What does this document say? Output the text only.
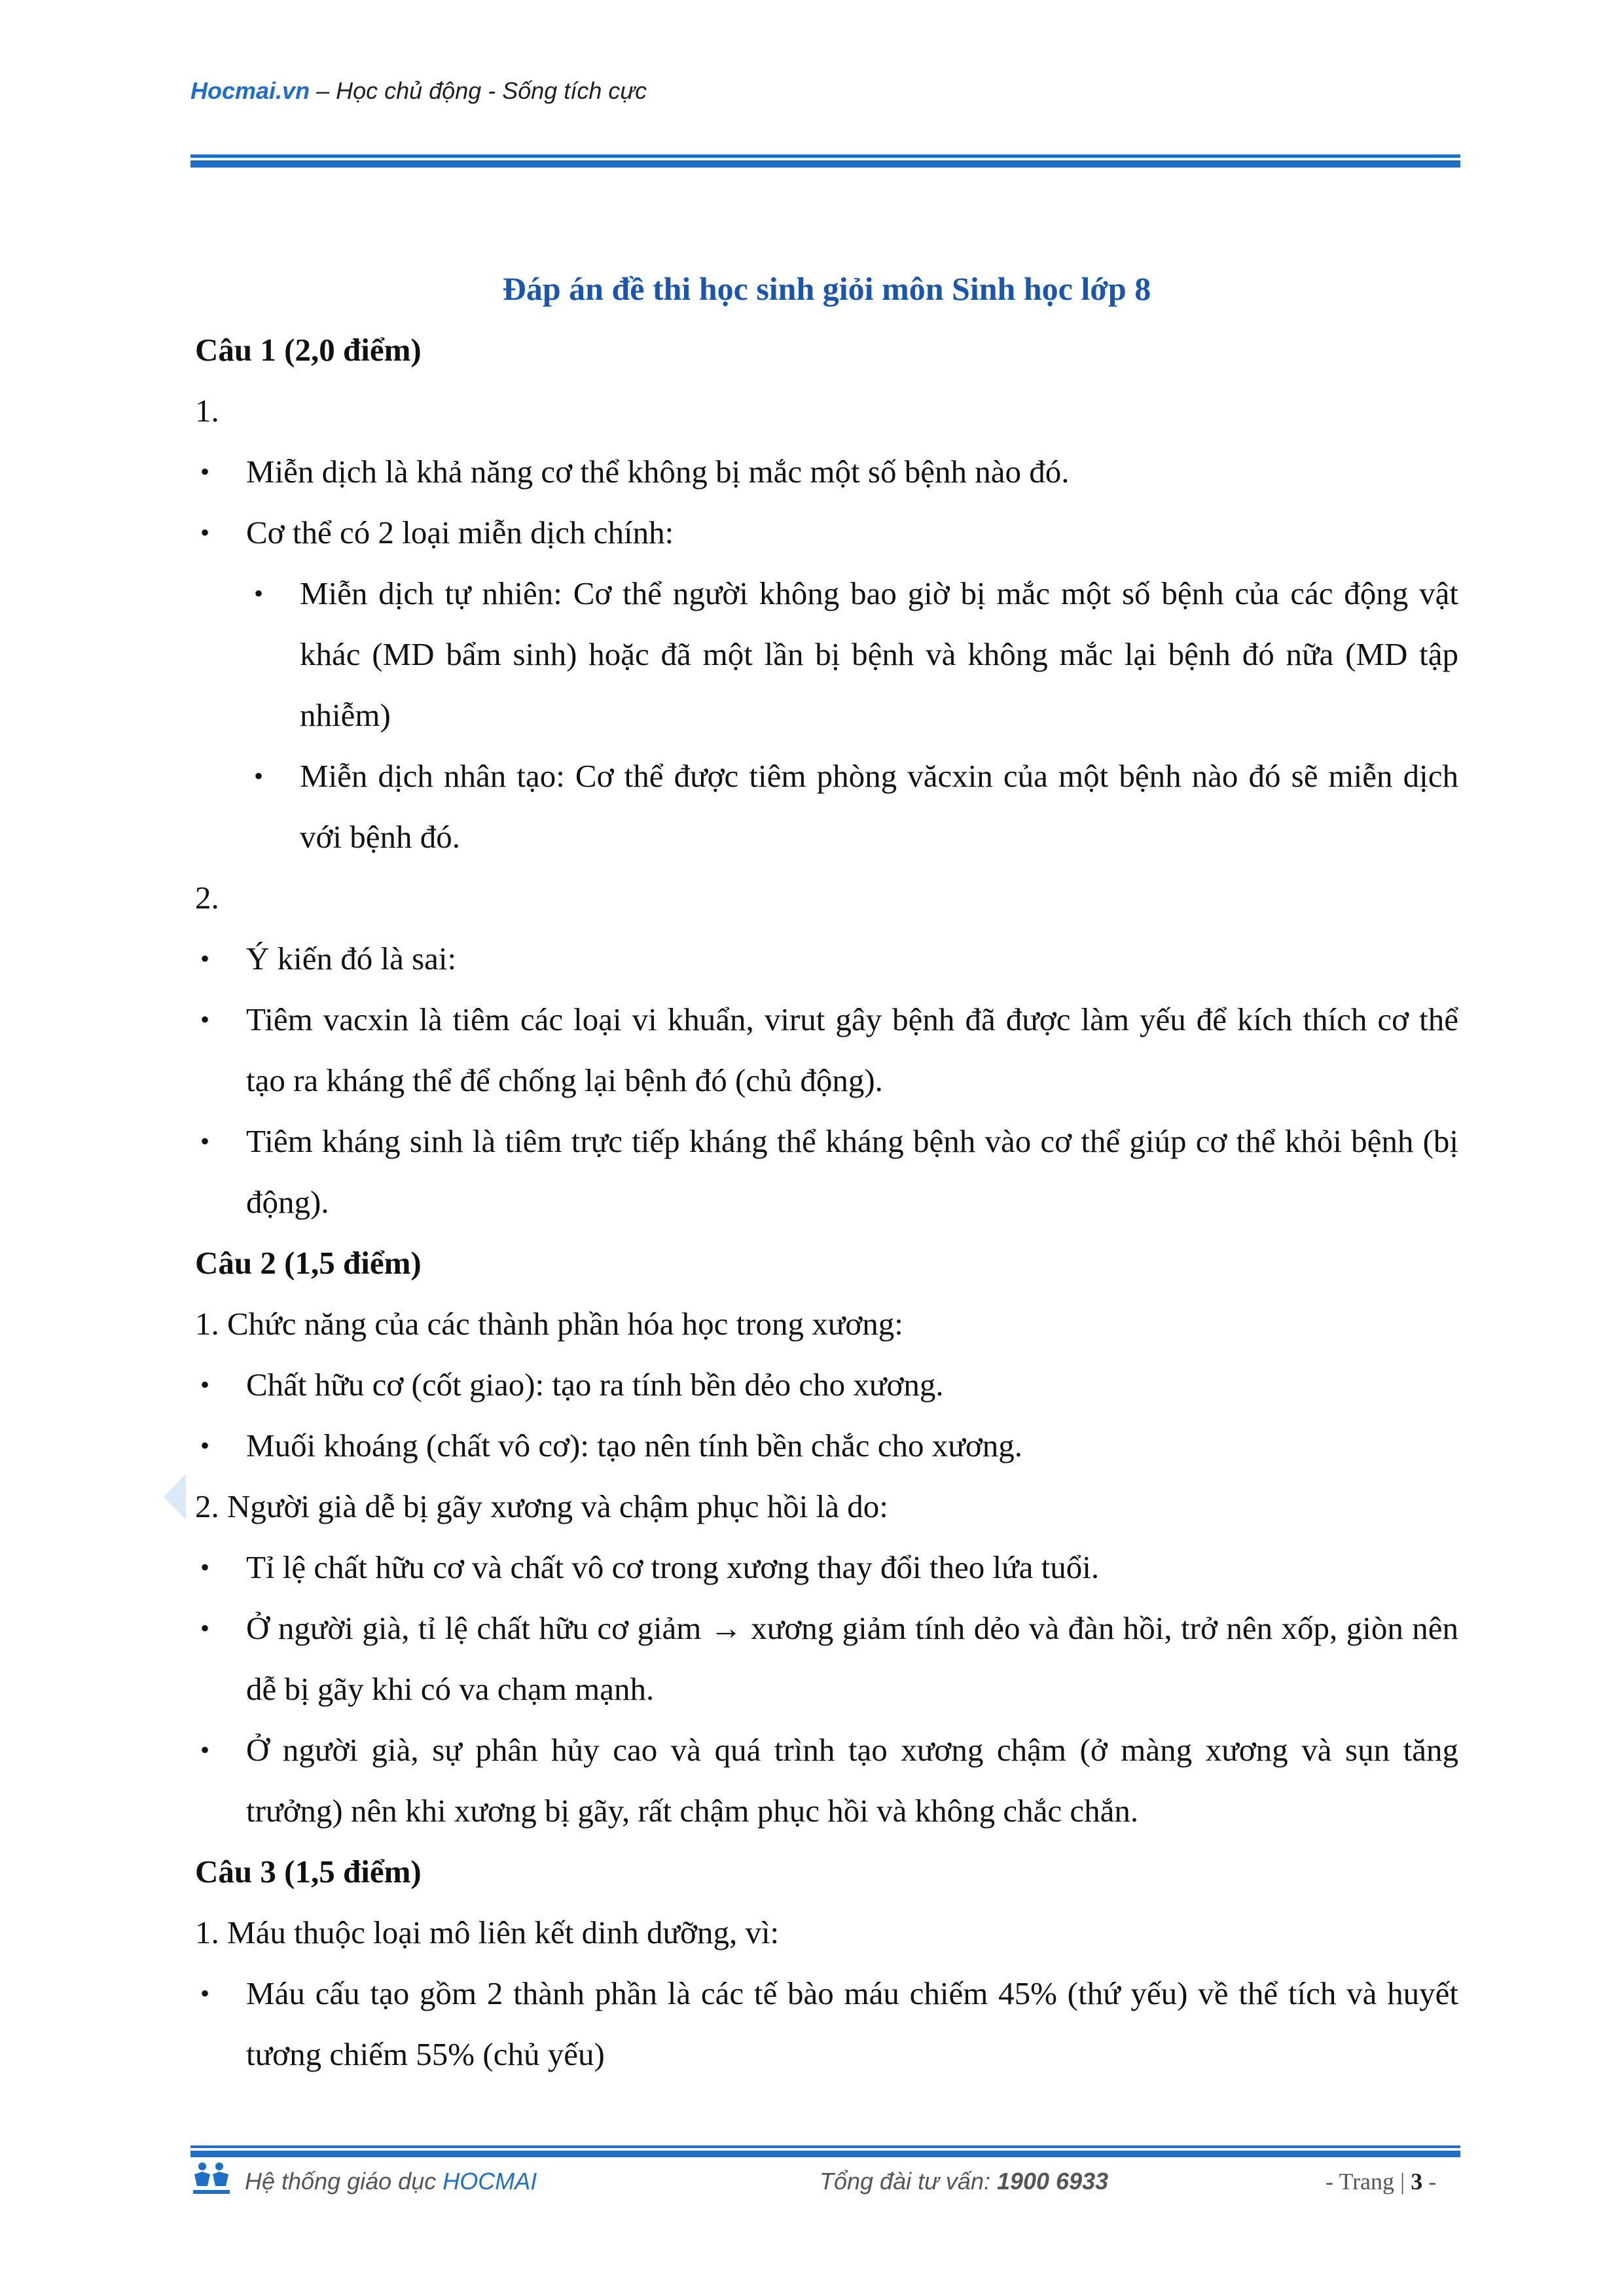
Hocmai.vn – Học chủ động - Sống tích cực

Đáp án đề thi học sinh giỏi môn Sinh học lớp 8

Câu 1 (2,0 điểm)

1.

• Miễn dịch là khả năng cơ thể không bị mắc một số bệnh nào đó.

• Cơ thể có 2 loại miễn dịch chính:

• Miễn dịch tự nhiên: Cơ thể người không bao giờ bị mắc một số bệnh của các động vật khác (MD bẩm sinh) hoặc đã một lần bị bệnh và không mắc lại bệnh đó nữa (MD tập nhiễm)

• Miễn dịch nhân tạo: Cơ thể được tiêm phòng văcxin của một bệnh nào đó sẽ miễn dịch với bệnh đó.

2.

• Ý kiến đó là sai:

• Tiêm vacxin là tiêm các loại vi khuẩn, virut gây bệnh đã được làm yếu để kích thích cơ thể tạo ra kháng thể để chống lại bệnh đó (chủ động).

• Tiêm kháng sinh là tiêm trực tiếp kháng thể kháng bệnh vào cơ thể giúp cơ thể khỏi bệnh (bị động).

Câu 2 (1,5 điểm)

1. Chức năng của các thành phần hóa học trong xương:

• Chất hữu cơ (cốt giao): tạo ra tính bền dẻo cho xương.

• Muối khoáng (chất vô cơ): tạo nên tính bền chắc cho xương.

2. Người già dễ bị gãy xương và chậm phục hồi là do:

• Tỉ lệ chất hữu cơ và chất vô cơ trong xương thay đổi theo lứa tuổi.

• Ở người già, tỉ lệ chất hữu cơ giảm → xương giảm tính dẻo và đàn hồi, trở nên xốp, giòn nên dễ bị gãy khi có va chạm mạnh.

• Ở người già, sự phân hủy cao và quá trình tạo xương chậm (ở màng xương và sụn tăng trưởng) nên khi xương bị gãy, rất chậm phục hồi và không chắc chắn.

Câu 3 (1,5 điểm)

1. Máu thuộc loại mô liên kết dinh dưỡng, vì:

• Máu cấu tạo gồm 2 thành phần là các tế bào máu chiếm 45% (thứ yếu) về thể tích và huyết tương chiếm 55% (chủ yếu)

Hệ thống giáo dục HOCMAI	Tổng đài tư vấn: 1900 6933	- Trang | 3 -
